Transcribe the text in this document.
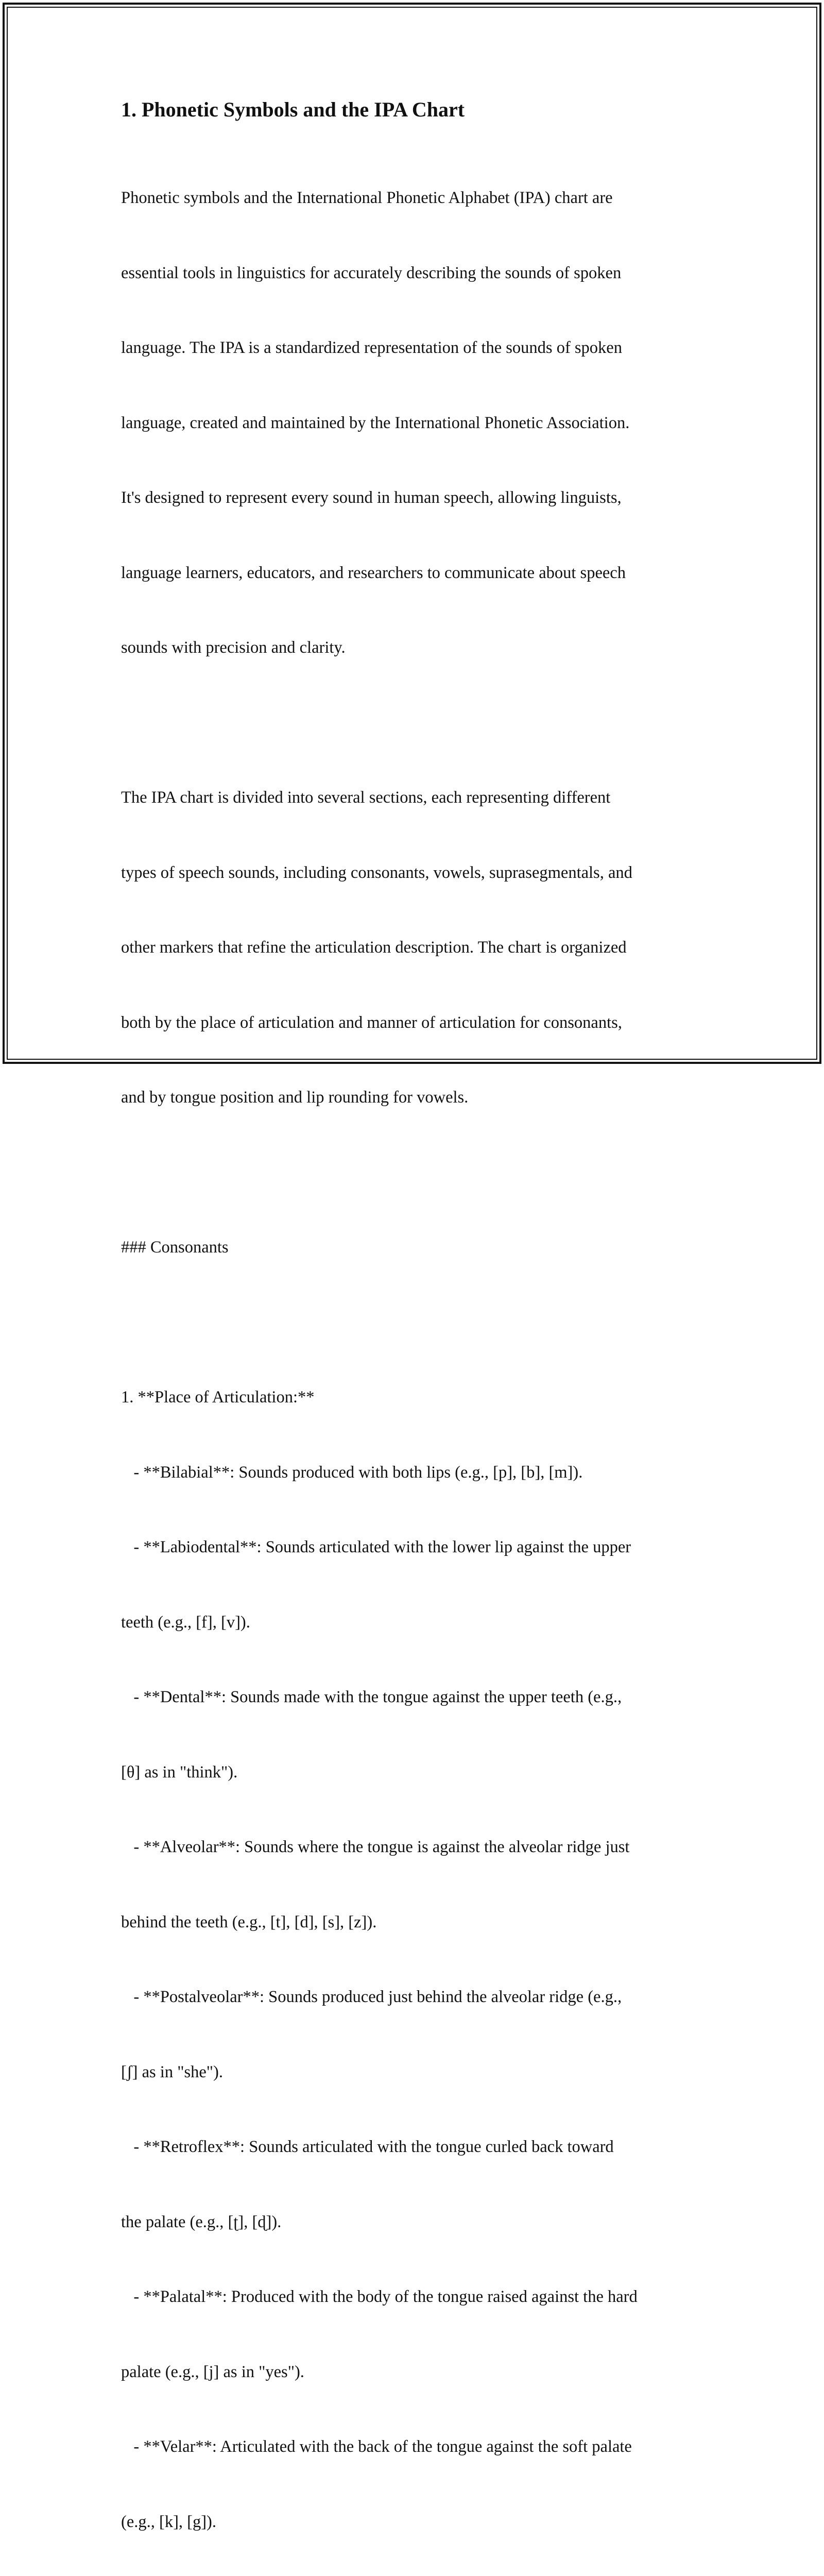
1. Phonetic Symbols and the IPA Chart

Phonetic symbols and the International Phonetic Alphabet (IPA) chart are

essential tools in linguistics for accurately describing the sounds of spoken

language. The IPA is a standardized representation of the sounds of spoken

language, created and maintained by the International Phonetic Association.

It's designed to represent every sound in human speech, allowing linguists,

language learners, educators, and researchers to communicate about speech

sounds with precision and clarity.

The IPA chart is divided into several sections, each representing different

types of speech sounds, including consonants, vowels, suprasegmentals, and

other markers that refine the articulation description. The chart is organized

both by the place of articulation and manner of articulation for consonants,

and by tongue position and lip rounding for vowels.

### Consonants

1. **Place of Articulation:**

- **Bilabial**: Sounds produced with both lips (e.g., [p], [b], [m]).

- **Labiodental**: Sounds articulated with the lower lip against the upper

teeth (e.g., [f], [v]).

- **Dental**: Sounds made with the tongue against the upper teeth (e.g.,

[θ] as in "think").

- **Alveolar**: Sounds where the tongue is against the alveolar ridge just

behind the teeth (e.g., [t], [d], [s], [z]).

- **Postalveolar**: Sounds produced just behind the alveolar ridge (e.g.,

[ʃ] as in "she").

- **Retroflex**: Sounds articulated with the tongue curled back toward

the palate (e.g., [ʈ], [ɖ]).

- **Palatal**: Produced with the body of the tongue raised against the hard

palate (e.g., [j] as in "yes").

- **Velar**: Articulated with the back of the tongue against the soft palate

(e.g., [k], [g]).
